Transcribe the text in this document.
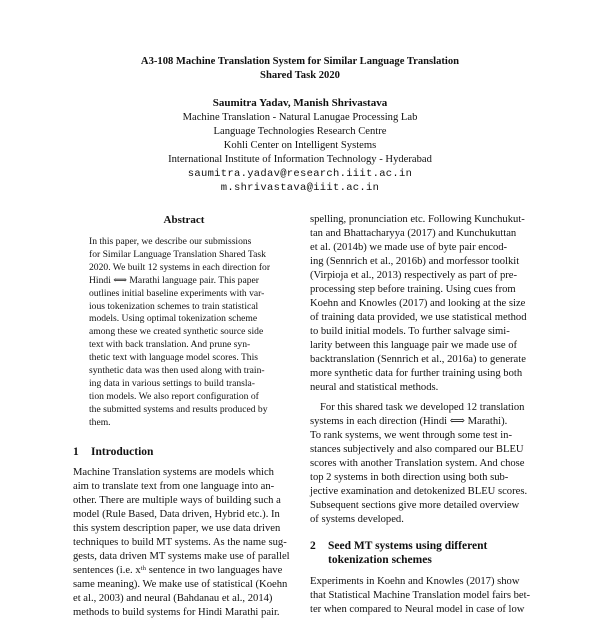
A3-108 Machine Translation System for Similar Language Translation
Shared Task 2020
Saumitra Yadav, Manish Shrivastava
Machine Translation - Natural Lanugae Processing Lab
Language Technologies Research Centre
Kohli Center on Intelligent Systems
International Institute of Information Technology - Hyderabad
saumitra.yadav@research.iiit.ac.in
m.shrivastava@iiit.ac.in
Abstract
In this paper, we describe our submissions
for Similar Language Translation Shared Task
2020. We built 12 systems in each direction for
Hindi ⟺ Marathi language pair. This paper
outlines initial baseline experiments with var-
ious tokenization schemes to train statistical
models. Using optimal tokenization scheme
among these we created synthetic source side
text with back translation. And prune syn-
thetic text with language model scores. This
synthetic data was then used along with train-
ing data in various settings to build transla-
tion models. We also report configuration of
the submitted systems and results produced by
them.
1 Introduction
Machine Translation systems are models which
aim to translate text from one language into an-
other. There are multiple ways of building such a
model (Rule Based, Data driven, Hybrid etc.). In
this system description paper, we use data driven
techniques to build MT systems. As the name sug-
gests, data driven MT systems make use of parallel
sentences (i.e. xᵗʰ sentence in two languages have
same meaning). We make use of statistical (Koehn
et al., 2003) and neural (Bahdanau et al., 2014)
methods to build systems for Hindi Marathi pair.
spelling, pronunciation etc. Following Kunchukut-
tan and Bhattacharyya (2017) and Kunchukuttan
et al. (2014b) we made use of byte pair encod-
ing (Sennrich et al., 2016b) and morfessor toolkit
(Virpioja et al., 2013) respectively as part of pre-
processing step before training. Using cues from
Koehn and Knowles (2017) and looking at the size
of training data provided, we use statistical method
to build initial models. To further salvage simi-
larity between this language pair we made use of
backtranslation (Sennrich et al., 2016a) to generate
more synthetic data for further training using both
neural and statistical methods.
For this shared task we developed 12 translation
systems in each direction (Hindi ⟺ Marathi).
To rank systems, we went through some test in-
stances subjectively and also compared our BLEU
scores with another Translation system. And chose
top 2 systems in both direction using both sub-
jective examination and detokenized BLEU scores.
Subsequent sections give more detailed overview
of systems developed.
2 Seed MT systems using different
tokenization schemes
Experiments in Koehn and Knowles (2017) show
that Statistical Machine Translation model fairs bet-
ter when compared to Neural model in case of low
